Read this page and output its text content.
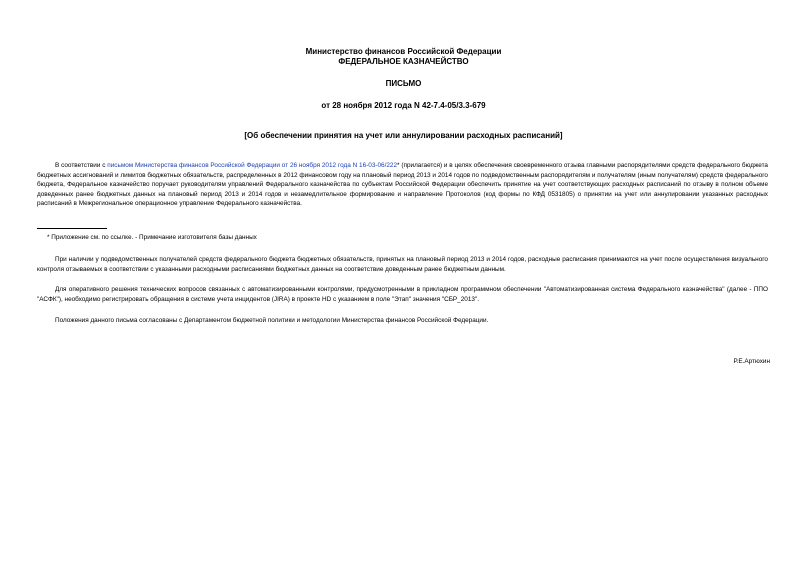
Министерство финансов Российской Федерации
ФЕДЕРАЛЬНОЕ КАЗНАЧЕЙСТВО
ПИСЬМО
от 28 ноября 2012 года N 42-7.4-05/3.3-679
[Об обеспечении принятия на учет или аннулировании расходных расписаний]
В соответствии с письмом Министерства финансов Российской Федерации от 26 ноября 2012 года N 16-03-06/222* (прилагается) и в целях обеспечения своевременного отзыва главными распорядителями средств федерального бюджета бюджетных ассигнований и лимитов бюджетных обязательств, распределенных в 2012 финансовом году на плановый период 2013 и 2014 годов по подведомственным распорядителям и получателям (иным получателям) средств федерального бюджета, Федеральное казначейство поручает руководителям управлений Федерального казначейства по субъектам Российской Федерации обеспечить принятие на учет соответствующих расходных расписаний по отзыву в полном объеме доведенных ранее бюджетных данных на плановый период 2013 и 2014 годов и незамедлительное формирование и направление Протоколов (код формы по КФД 0531805) о принятии на учет или аннулировании указанных расходных расписаний в Межрегиональное операционное управление Федерального казначейства.
* Приложение см. по ссылке. - Примечание изготовителя базы данных
При наличии у подведомственных получателей средств федерального бюджета бюджетных обязательств, принятых на плановый период 2013 и 2014 годов, расходные расписания принимаются на учет после осуществления визуального контроля отзываемых в соответствии с указанными расходными расписаниями бюджетных данных на соответствие доведенным ранее бюджетным данным.
Для оперативного решения технических вопросов связанных с автоматизированными контролями, предусмотренными в прикладном программном обеспечении "Автоматизированная система Федерального казначейства" (далее - ППО "АСФК"), необходимо регистрировать обращения в системе учета инцидентов (JIRA) в проекте HD с указанием в поле "Этап" значения "СБР_2013".
Положения данного письма согласованы с Департаментом бюджетной политики и методологии Министерства финансов Российской Федерации.
Р.Е.Артюхин
